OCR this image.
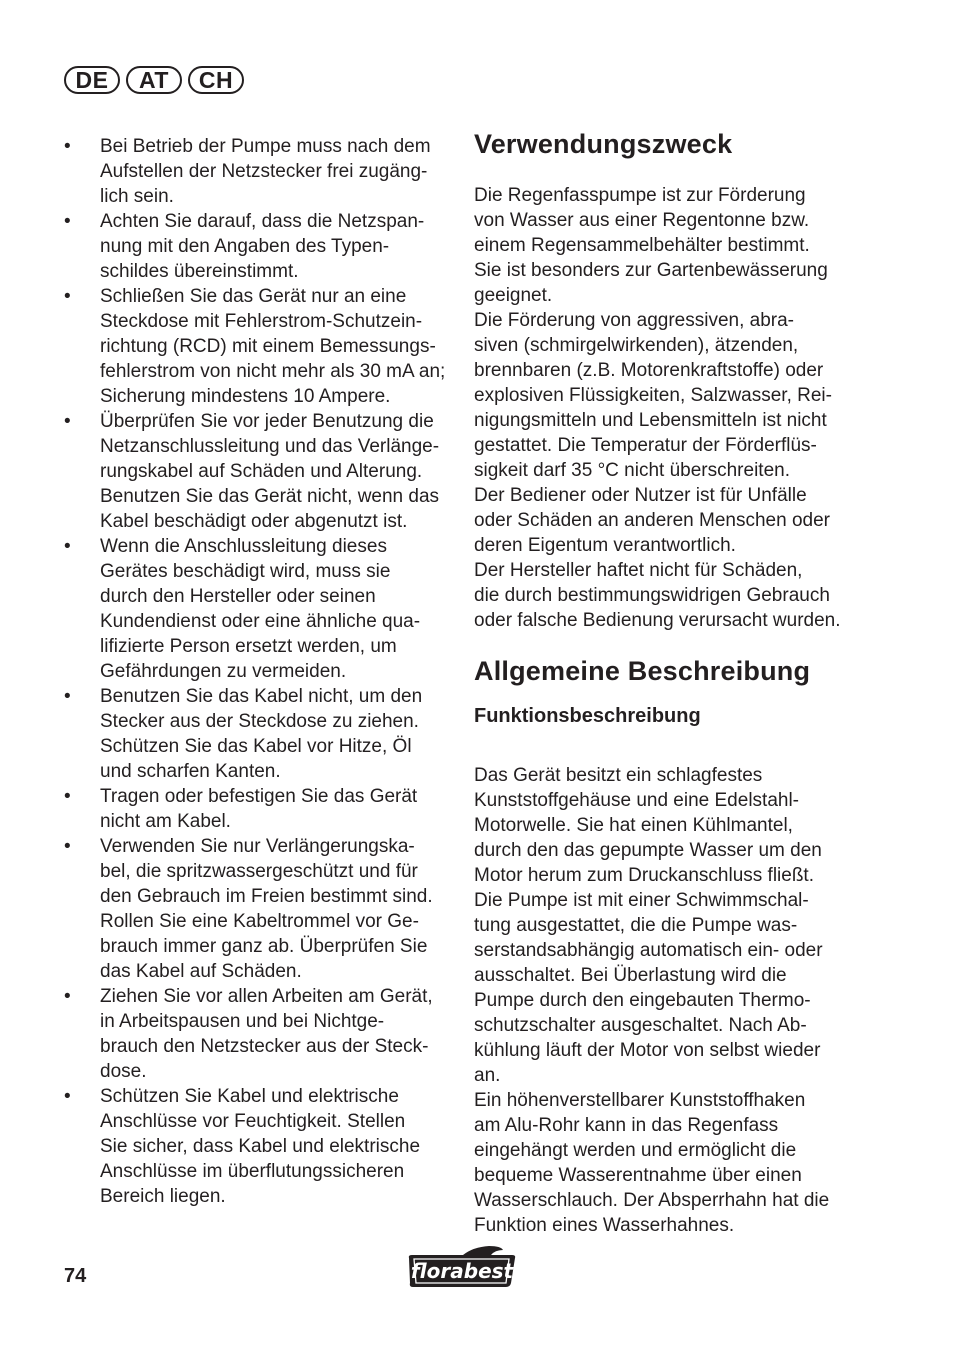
DE	AT	CH
• Bei Betrieb der Pumpe muss nach dem
Aufstellen der Netzstecker frei zugäng-
lich sein.
• Achten Sie darauf, dass die Netzspan-
nung mit den Angaben des Typen-
schildes übereinstimmt.
• Schließen Sie das Gerät nur an eine
Steckdose mit Fehlerstrom-Schutzein-
richtung (RCD) mit einem Bemessungs-
fehlerstrom von nicht mehr als 30 mA an;
Sicherung mindestens 10 Ampere.
• Überprüfen Sie vor jeder Benutzung die
Netzanschlussleitung und das Verlänge-
rungskabel auf Schäden und Alterung.
Benutzen Sie das Gerät nicht, wenn das
Kabel beschädigt oder abgenutzt ist.
• Wenn die Anschlussleitung dieses
Gerätes beschädigt wird, muss sie
durch den Hersteller oder seinen
Kundendienst oder eine ähnliche qua-
lifizierte Person ersetzt werden, um
Gefährdungen zu vermeiden.
• Benutzen Sie das Kabel nicht, um den
Stecker aus der Steckdose zu ziehen.
Schützen Sie das Kabel vor Hitze, Öl
und scharfen Kanten.
• Tragen oder befestigen Sie das Gerät
nicht am Kabel.
• Verwenden Sie nur Verlängerungska-
bel, die spritzwassergeschützt und für
den Gebrauch im Freien bestimmt sind.
Rollen Sie eine Kabeltrommel vor Ge-
brauch immer ganz ab. Überprüfen Sie
das Kabel auf Schäden.
• Ziehen Sie vor allen Arbeiten am Gerät,
in Arbeitspausen und bei Nichtge-
brauch den Netzstecker aus der Steck-
dose.
• Schützen Sie Kabel und elektrische
Anschlüsse vor Feuchtigkeit. Stellen
Sie sicher, dass Kabel und elektrische
Anschlüsse im überflutungssicheren
Bereich liegen.
Verwendungszweck

Die Regenfasspumpe ist zur Förderung
von Wasser aus einer Regentonne bzw.
einem Regensammelbehälter bestimmt.
Sie ist besonders zur Gartenbewässerung
geeignet.
Die Förderung von aggressiven, abra-
siven (schmirgelwirkenden), ätzenden,
brennbaren (z.B. Motorenkraftstoffe) oder
explosiven Flüssigkeiten, Salzwasser, Rei-
nigungsmitteln und Lebensmitteln ist nicht
gestattet. Die Temperatur der Förderflüs-
sigkeit darf 35 °C nicht überschreiten.
Der Bediener oder Nutzer ist für Unfälle
oder Schäden an anderen Menschen oder
deren Eigentum verantwortlich.
Der Hersteller haftet nicht für Schäden,
die durch bestimmungswidrigen Gebrauch
oder falsche Bedienung verursacht wurden.

Allgemeine Beschreibung
Funktionsbeschreibung

Das Gerät besitzt ein schlagfestes
Kunststoffgehäuse und eine Edelstahl-
Motorwelle. Sie hat einen Kühlmantel,
durch den das gepumpte Wasser um den
Motor herum zum Druckanschluss fließt.
Die Pumpe ist mit einer Schwimmschal-
tung ausgestattet, die die Pumpe was-
serstandsabhängig automatisch ein- oder
ausschaltet. Bei Überlastung wird die
Pumpe durch den eingebauten Thermo-
schutzschalter ausgeschaltet. Nach Ab-
kühlung läuft der Motor von selbst wieder
an.
Ein höhenverstellbarer Kunststoffhaken
am Alu-Rohr kann in das Regenfass
eingehängt werden und ermöglicht die
bequeme Wasserentnahme über einen
Wasserschlauch. Der Absperrhahn hat die
Funktion eines Wasserhahnes.

74	florabest
